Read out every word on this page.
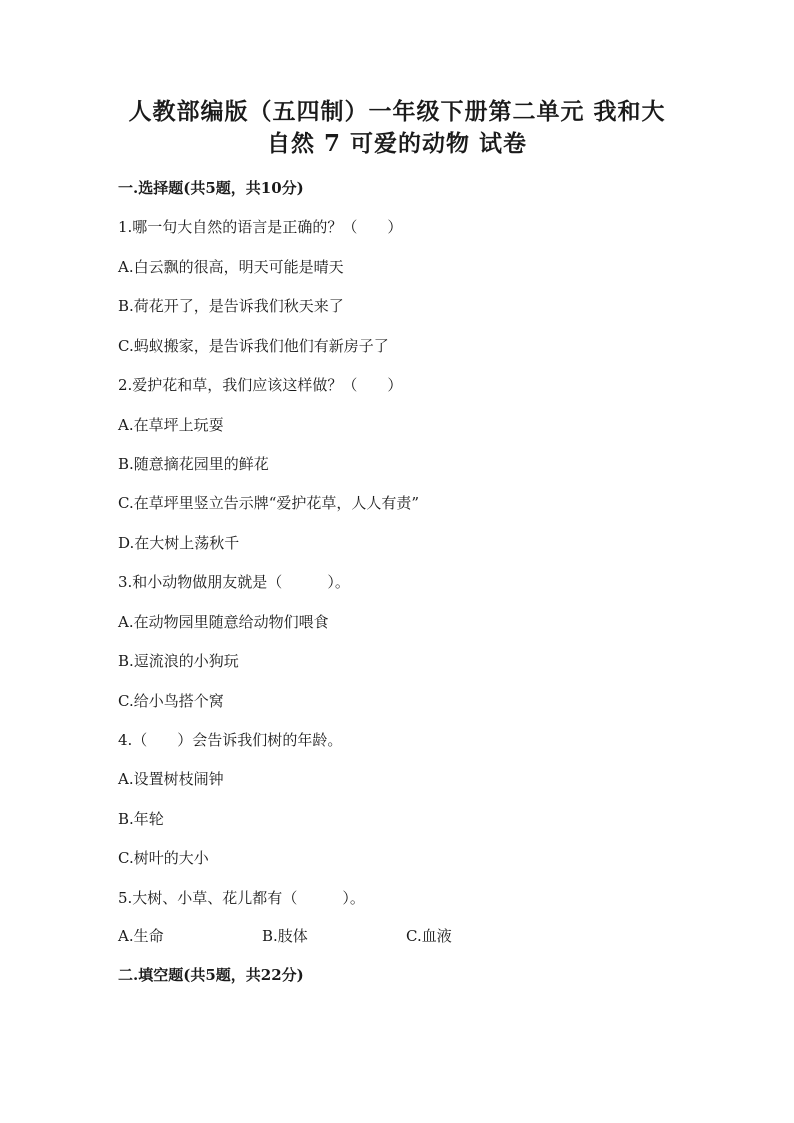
人教部编版（五四制）一年级下册第二单元 我和大
自然 7 可爱的动物 试卷
一.选择题(共5题，共10分)
1.哪一句大自然的语言是正确的？（　　）
A.白云飘的很高，明天可能是晴天
B.荷花开了，是告诉我们秋天来了
C.蚂蚁搬家，是告诉我们他们有新房子了
2.爱护花和草，我们应该这样做？（　　）
A.在草坪上玩耍
B.随意摘花园里的鲜花
C.在草坪里竖立告示牌“爱护花草，人人有责”
D.在大树上荡秋千
3.和小动物做朋友就是（　　　）。
A.在动物园里随意给动物们喂食
B.逗流浪的小狗玩
C.给小鸟搭个窝
4.（　　）会告诉我们树的年龄。
A.设置树枝闹钟
B.年轮
C.树叶的大小
5.大树、小草、花儿都有（　　　）。
A.生命	B.肢体	C.血液
二.填空题(共5题，共22分)
